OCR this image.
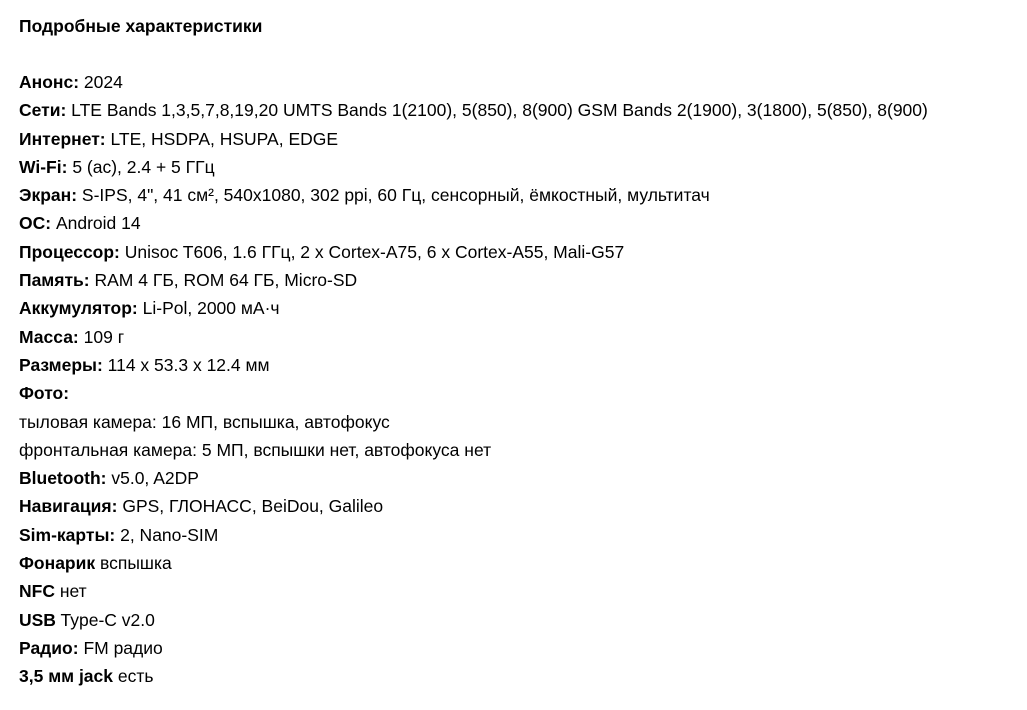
Подробные характеристики
Анонс: 2024
Сети: LTE Bands 1,3,5,7,8,19,20 UMTS Bands 1(2100), 5(850), 8(900) GSM Bands 2(1900), 3(1800), 5(850), 8(900)
Интернет: LTE, HSDPA, HSUPA, EDGE
Wi-Fi: 5 (ac), 2.4 + 5 ГГц
Экран: S-IPS, 4", 41 см², 540x1080, 302 ppi, 60 Гц, сенсорный, ёмкостный, мультитач
ОС: Android 14
Процессор: Unisoc T606, 1.6 ГГц, 2 x Cortex-A75, 6 x Cortex-A55, Mali-G57
Память: RAM 4 ГБ, ROM 64 ГБ, Micro-SD
Аккумулятор: Li-Pol, 2000 мА·ч
Масса: 109 г
Размеры: 114 x 53.3 x 12.4 мм
Фото:
тыловая камера: 16 МП, вспышка, автофокус
фронтальная камера: 5 МП, вспышки нет, автофокуса нет
Bluetooth: v5.0, A2DP
Навигация: GPS, ГЛОНАСС, BeiDou, Galileo
Sim-карты: 2, Nano-SIM
Фонарик вспышка
NFC нет
USB Type-C v2.0
Радио: FM радио
3,5 мм jack есть
